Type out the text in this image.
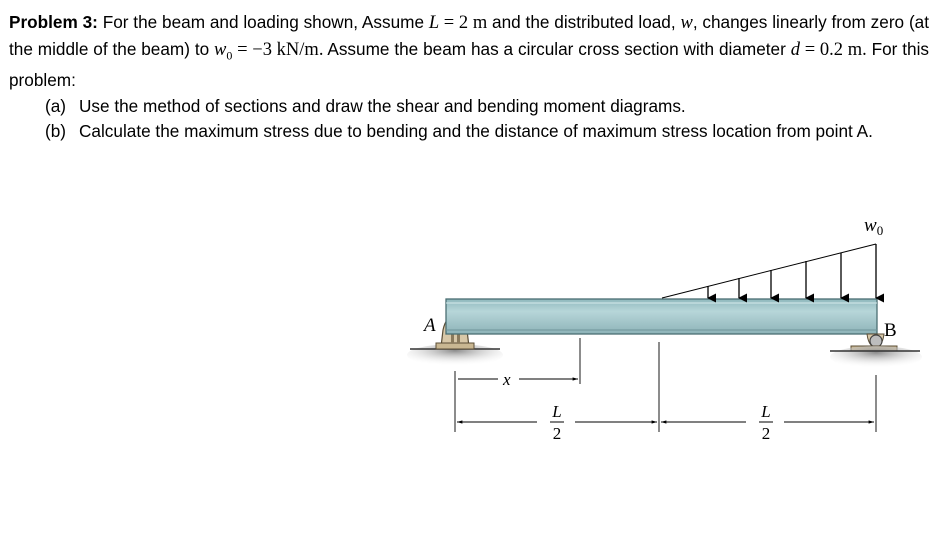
Problem 3: For the beam and loading shown, Assume L = 2 m and the distributed load, w, changes linearly from zero (at the middle of the beam) to $w_0 = -3$ kN/m. Assume the beam has a circular cross section with diameter d = 0.2 m. For this problem:

(a) Use the method of sections and draw the shear and bending moment diagrams.
(b) Calculate the maximum stress due to bending and the distance of maximum stress location from point A.
A	B
$w_0$
x
L
2
L
2
